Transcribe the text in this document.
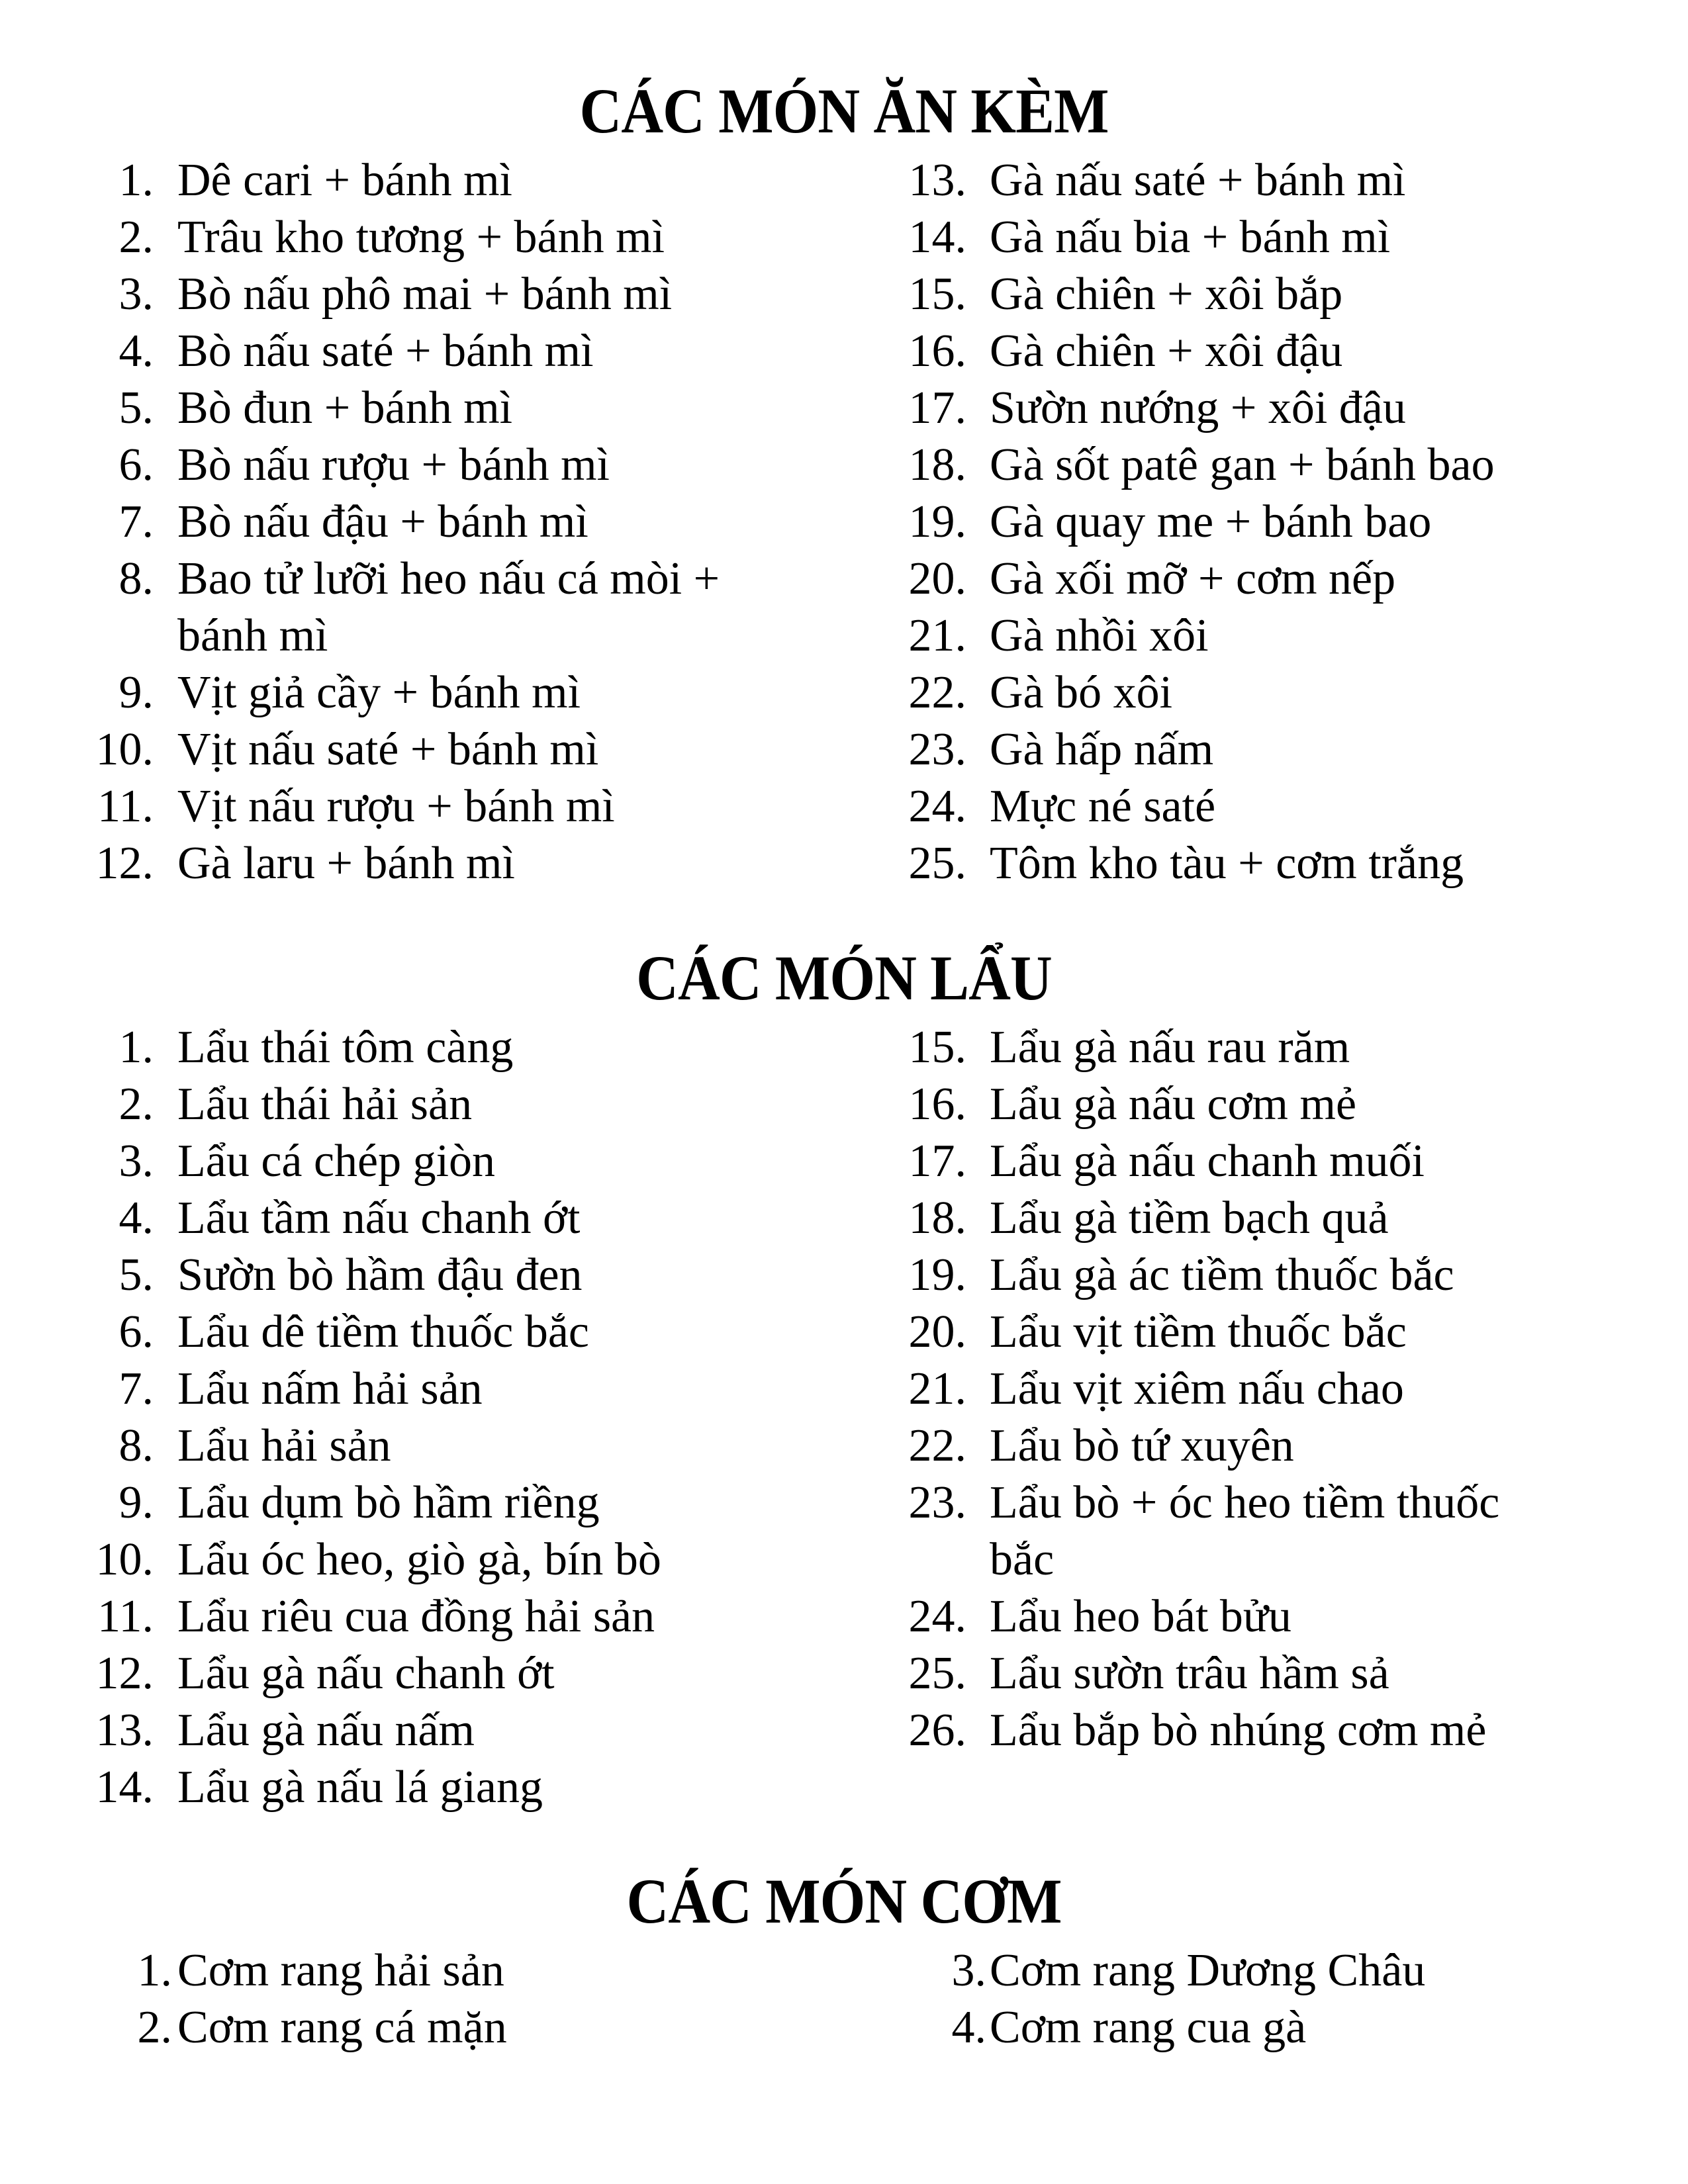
CÁC MÓN ĂN KÈM
1. Dê cari + bánh mì
2. Trâu kho tương + bánh mì
3. Bò nấu phô mai + bánh mì
4. Bò nấu saté + bánh mì
5. Bò đun + bánh mì
6. Bò nấu rượu + bánh mì
7. Bò nấu đậu + bánh mì
8. Bao tử lưỡi heo nấu cá mòi + bánh mì
9. Vịt giả cầy + bánh mì
10. Vịt nấu saté + bánh mì
11. Vịt nấu rượu + bánh mì
12. Gà laru + bánh mì
13. Gà nấu saté + bánh mì
14. Gà nấu bia + bánh mì
15. Gà chiên + xôi bắp
16. Gà chiên + xôi đậu
17. Sườn nướng + xôi đậu
18. Gà sốt patê gan + bánh bao
19. Gà quay me + bánh bao
20. Gà xối mỡ + cơm nếp
21. Gà nhồi xôi
22. Gà bó xôi
23. Gà hấp nấm
24. Mực né saté
25. Tôm kho tàu + cơm trắng
CÁC MÓN LẨU
1. Lẩu thái tôm càng
2. Lẩu thái hải sản
3. Lẩu cá chép giòn
4. Lẩu tầm nấu chanh ớt
5. Sườn bò hầm đậu đen
6. Lẩu dê tiềm thuốc bắc
7. Lẩu nấm hải sản
8. Lẩu hải sản
9. Lẩu dụm bò hầm riềng
10. Lẩu óc heo, giò gà, bín bò
11. Lẩu riêu cua đồng hải sản
12. Lẩu gà nấu chanh ớt
13. Lẩu gà nấu nấm
14. Lẩu gà nấu lá giang
15. Lẩu gà nấu rau răm
16. Lẩu gà nấu cơm mẻ
17. Lẩu gà nấu chanh muối
18. Lẩu gà tiềm bạch quả
19. Lẩu gà ác tiềm thuốc bắc
20. Lẩu vịt tiềm thuốc bắc
21. Lẩu vịt xiêm nấu chao
22. Lẩu bò tứ xuyên
23. Lẩu bò + óc heo tiềm thuốc bắc
24. Lẩu heo bát bửu
25. Lẩu sườn trâu hầm sả
26. Lẩu bắp bò nhúng cơm mẻ
CÁC MÓN CƠM
1. Cơm rang hải sản
2. Cơm rang cá mặn
3. Cơm rang Dương Châu
4. Cơm rang cua gà
